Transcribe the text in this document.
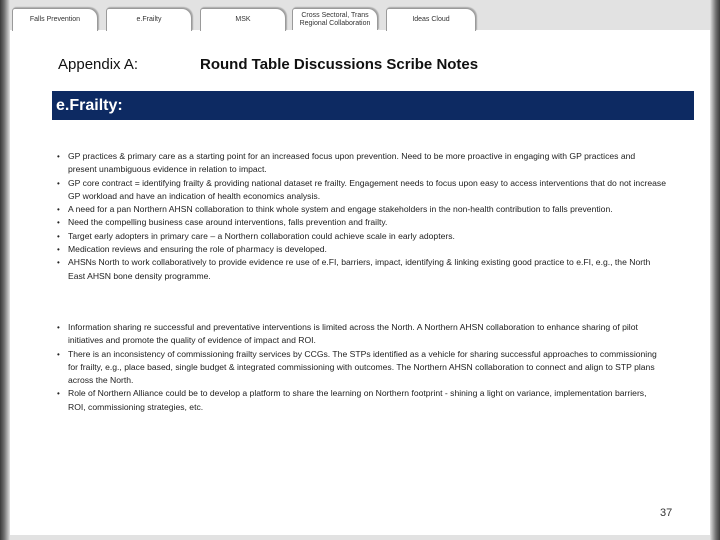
Falls Prevention	e.Frailty	MSK
Cross Sectoral, Trans Regional Collaboration	Ideas Cloud
Appendix A:	Round Table Discussions Scribe Notes
e.Frailty:
• GP practices & primary care as a starting point for an increased focus upon prevention. Need to be more proactive in engaging with GP practices and present unambiguous evidence in relation to impact.
• GP core contract = identifying frailty & providing national dataset re frailty. Engagement needs to focus upon easy to access interventions that do not increase GP workload and have an indication of health economics analysis.
• A need for a pan Northern AHSN collaboration to think whole system and engage stakeholders in the non-health contribution to falls prevention.
• Need the compelling business case around interventions, falls prevention and frailty.
• Target early adopters in primary care – a Northern collaboration could achieve scale in early adopters.
• Medication reviews and ensuring the role of pharmacy is developed.
• AHSNs North to work collaboratively to provide evidence re use of e.FI, barriers, impact, identifying & linking existing good practice to e.FI, e.g., the North East AHSN bone density programme.
• Information sharing re successful and preventative interventions is limited across the North. A Northern AHSN collaboration to enhance sharing of pilot initiatives and promote the quality of evidence of impact and ROI.
• There is an inconsistency of commissioning frailty services by CCGs. The STPs identified as a vehicle for sharing successful approaches to commissioning for frailty, e.g., place based, single budget & integrated commissioning with outcomes. The Northern AHSN collaboration to connect and align to STP plans across the North.
• Role of Northern Alliance could be to develop a platform to share the learning on Northern footprint - shining a light on variance, implementation barriers, ROI, commissioning strategies, etc.
37
